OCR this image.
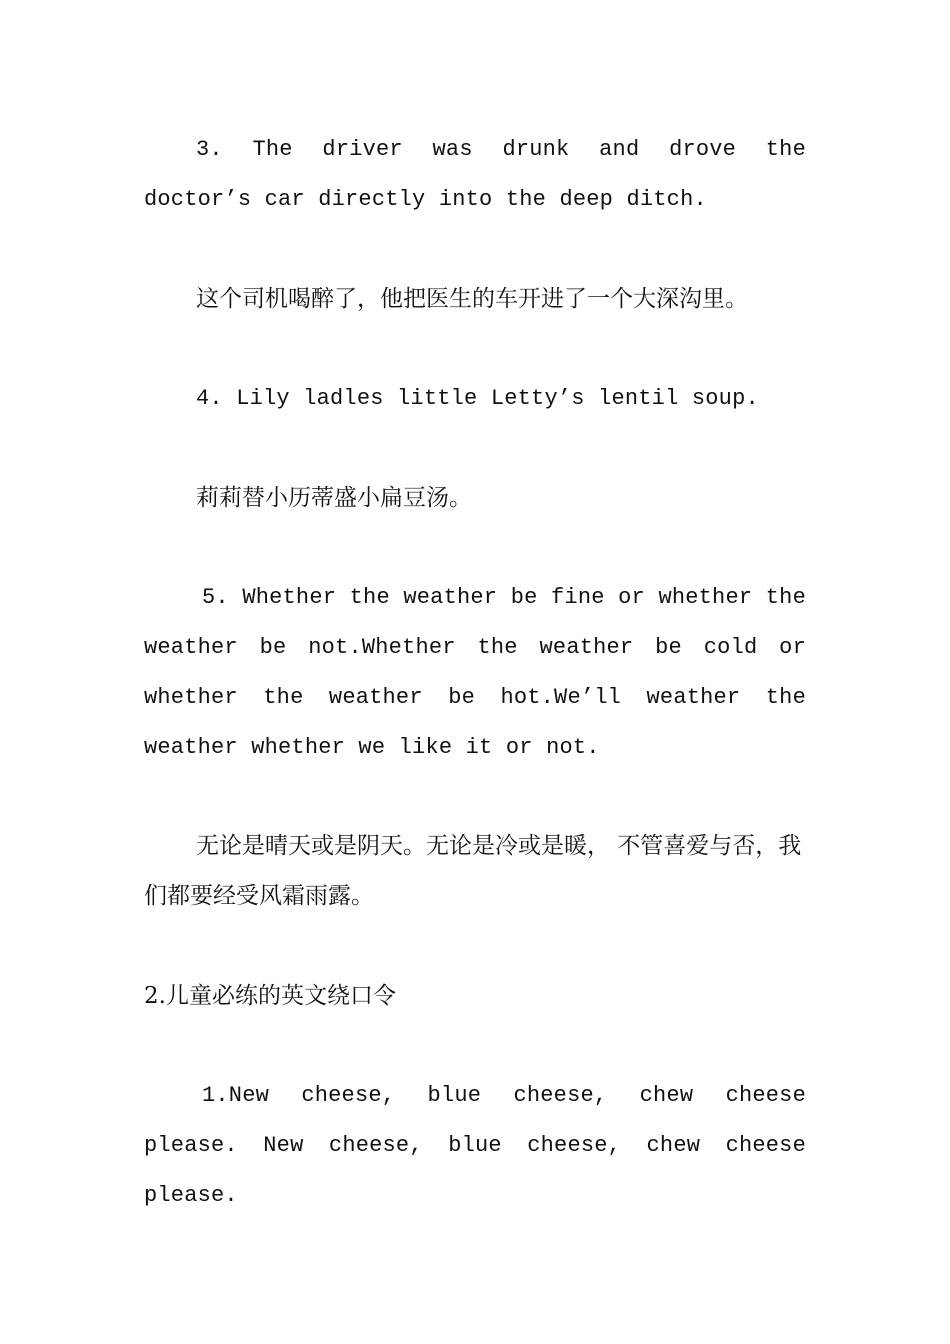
3. The driver was drunk and drove the doctor’s car directly into the deep ditch.

这个司机喝醉了，他把医生的车开进了一个大深沟里。

4. Lily ladles little Letty’s lentil soup.

莉莉替小历蒂盛小扁豆汤。

5. Whether the weather be fine or whether the weather be not.Whether the weather be cold or whether the weather be hot.We’ll weather the weather whether we like it or not.

无论是晴天或是阴天。无论是冷或是暖， 不管喜爱与否，我们都要经受风霜雨露。

2.儿童必练的英文绕口令

1.New cheese, blue cheese, chew cheese please. New cheese, blue cheese, chew cheese please.
